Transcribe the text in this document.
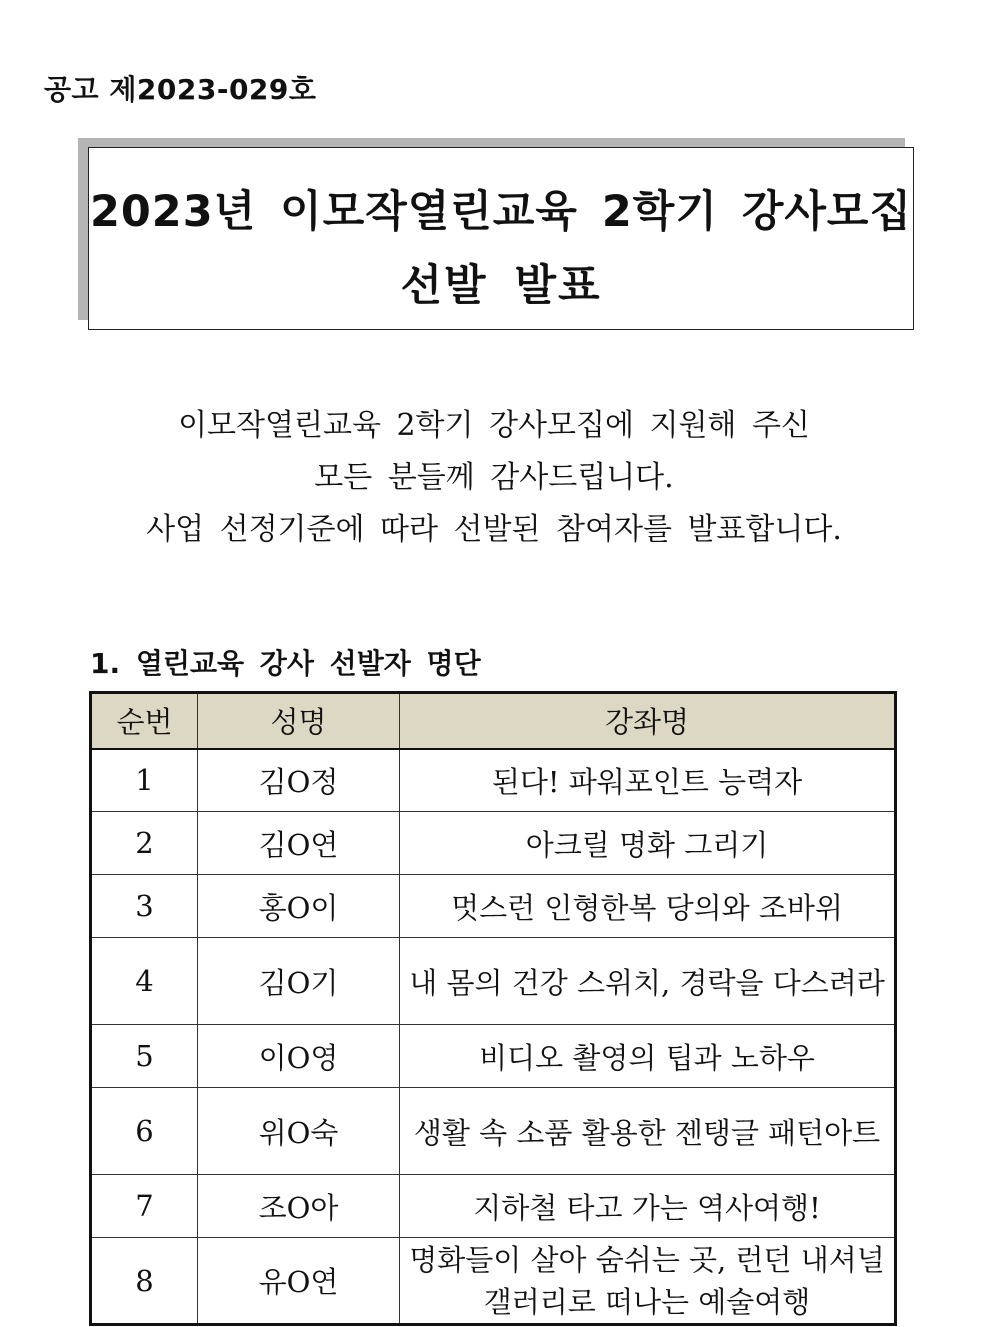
공고 제2023-029호
2023년 이모작열린교육 2학기 강사모집
선발 발표
이모작열린교육 2학기 강사모집에 지원해 주신
모든 분들께 감사드립니다.
사업 선정기준에 따라 선발된 참여자를 발표합니다.
1. 열린교육 강사 선발자 명단
순번	성명	강좌명
1	김O정	된다! 파워포인트 능력자
2	김O연	아크릴 명화 그리기
3	홍O이	멋스런 인형한복 당의와 조바위
4	김O기	내 몸의 건강 스위치, 경락을 다스려라
5	이O영	비디오 촬영의 팁과 노하우
6	위O숙	생활 속 소품 활용한 젠탱글 패턴아트
7	조O아	지하철 타고 가는 역사여행!
8	유O연	명화들이 살아 숨쉬는 곳, 런던 내셔널
갤러리로 떠나는 예술여행
